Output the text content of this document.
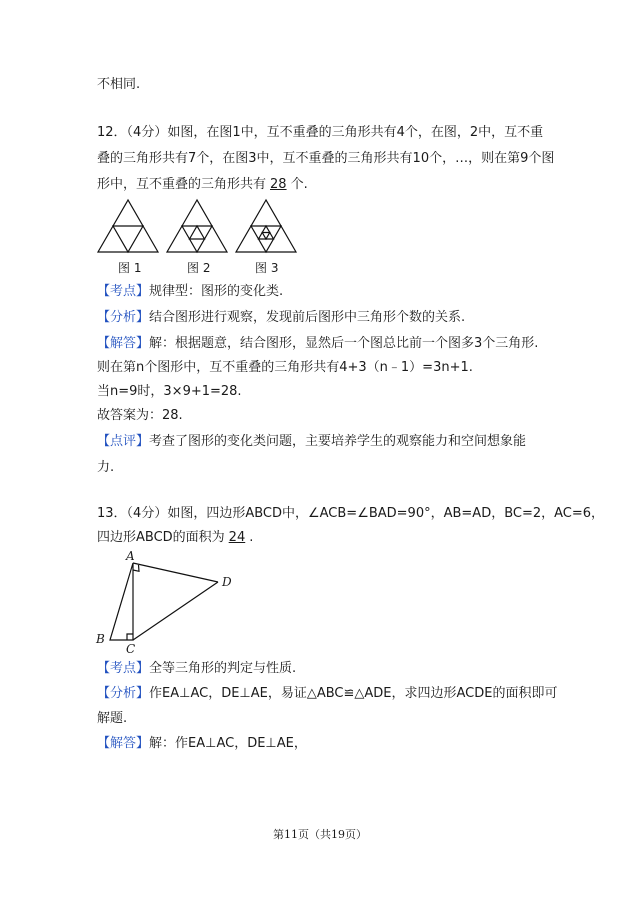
不相同.
12．（4分）如图，在图1中，互不重叠的三角形共有4个，在图，2中，互不重
叠的三角形共有7个，在图3中，互不重叠的三角形共有10个，…，则在第9个图
形中，互不重叠的三角形共有 28 个.
图 1	图 2	图 3
【考点】规律型：图形的变化类.
【分析】结合图形进行观察，发现前后图形中三角形个数的关系.
【解答】解：根据题意，结合图形，显然后一个图总比前一个图多3个三角形.
则在第n个图形中，互不重叠的三角形共有4+3（n﹣1）=3n+1.
当n=9时，3×9+1=28.
故答案为：28.
【点评】考查了图形的变化类问题，主要培养学生的观察能力和空间想象能
力.
13．（4分）如图，四边形ABCD中，∠ACB=∠BAD=90°，AB=AD，BC=2，AC=6，
四边形ABCD的面积为 24 .
A
D
B
C
【考点】全等三角形的判定与性质.
【分析】作EA⊥AC，DE⊥AE，易证△ABC≌△ADE，求四边形ACDE的面积即可
解题.
【解答】解：作EA⊥AC，DE⊥AE，
第11页（共19页）
